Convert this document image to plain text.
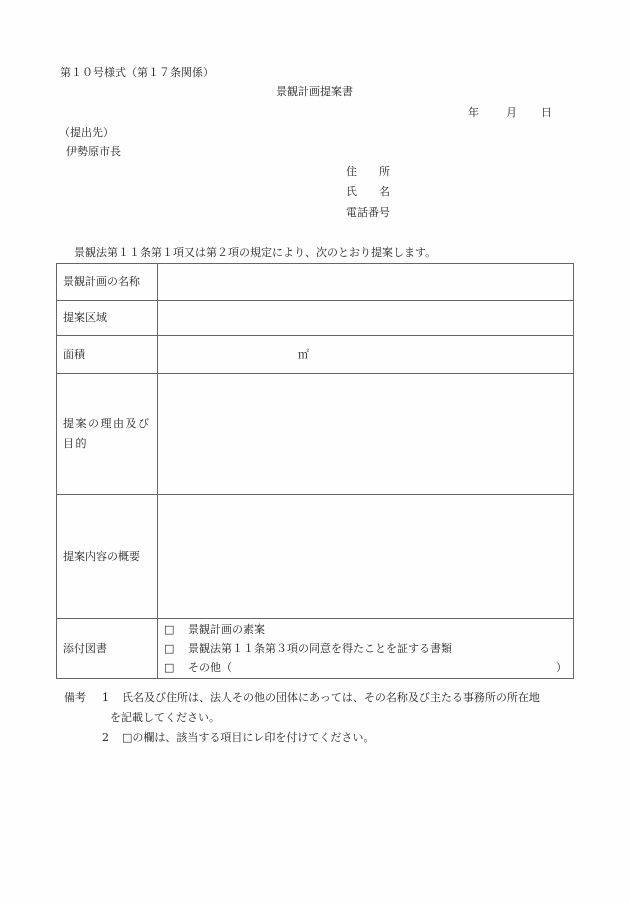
第１０号様式（第１７条関係）
景観計画提案書
年 月 日
（提出先）
伊勢原市長
住　　所
氏　　名
電話番号
景観法第１１条第１項又は第２項の規定により、次のとおり提案します。
景観計画の名称	
提案区域	
面積	㎡
提案の理由及び目的	
提案内容の概要	
添付図書	□ 景観計画の素案
□ 景観法第１１条第３項の同意を得たことを証する書類
□ その他（ ）
備考 1 氏名及び住所は、法人その他の団体にあっては、その名称及び主たる事務所の所在地
を記載してください。
2 □の欄は、該当する項目にレ印を付けてください。
